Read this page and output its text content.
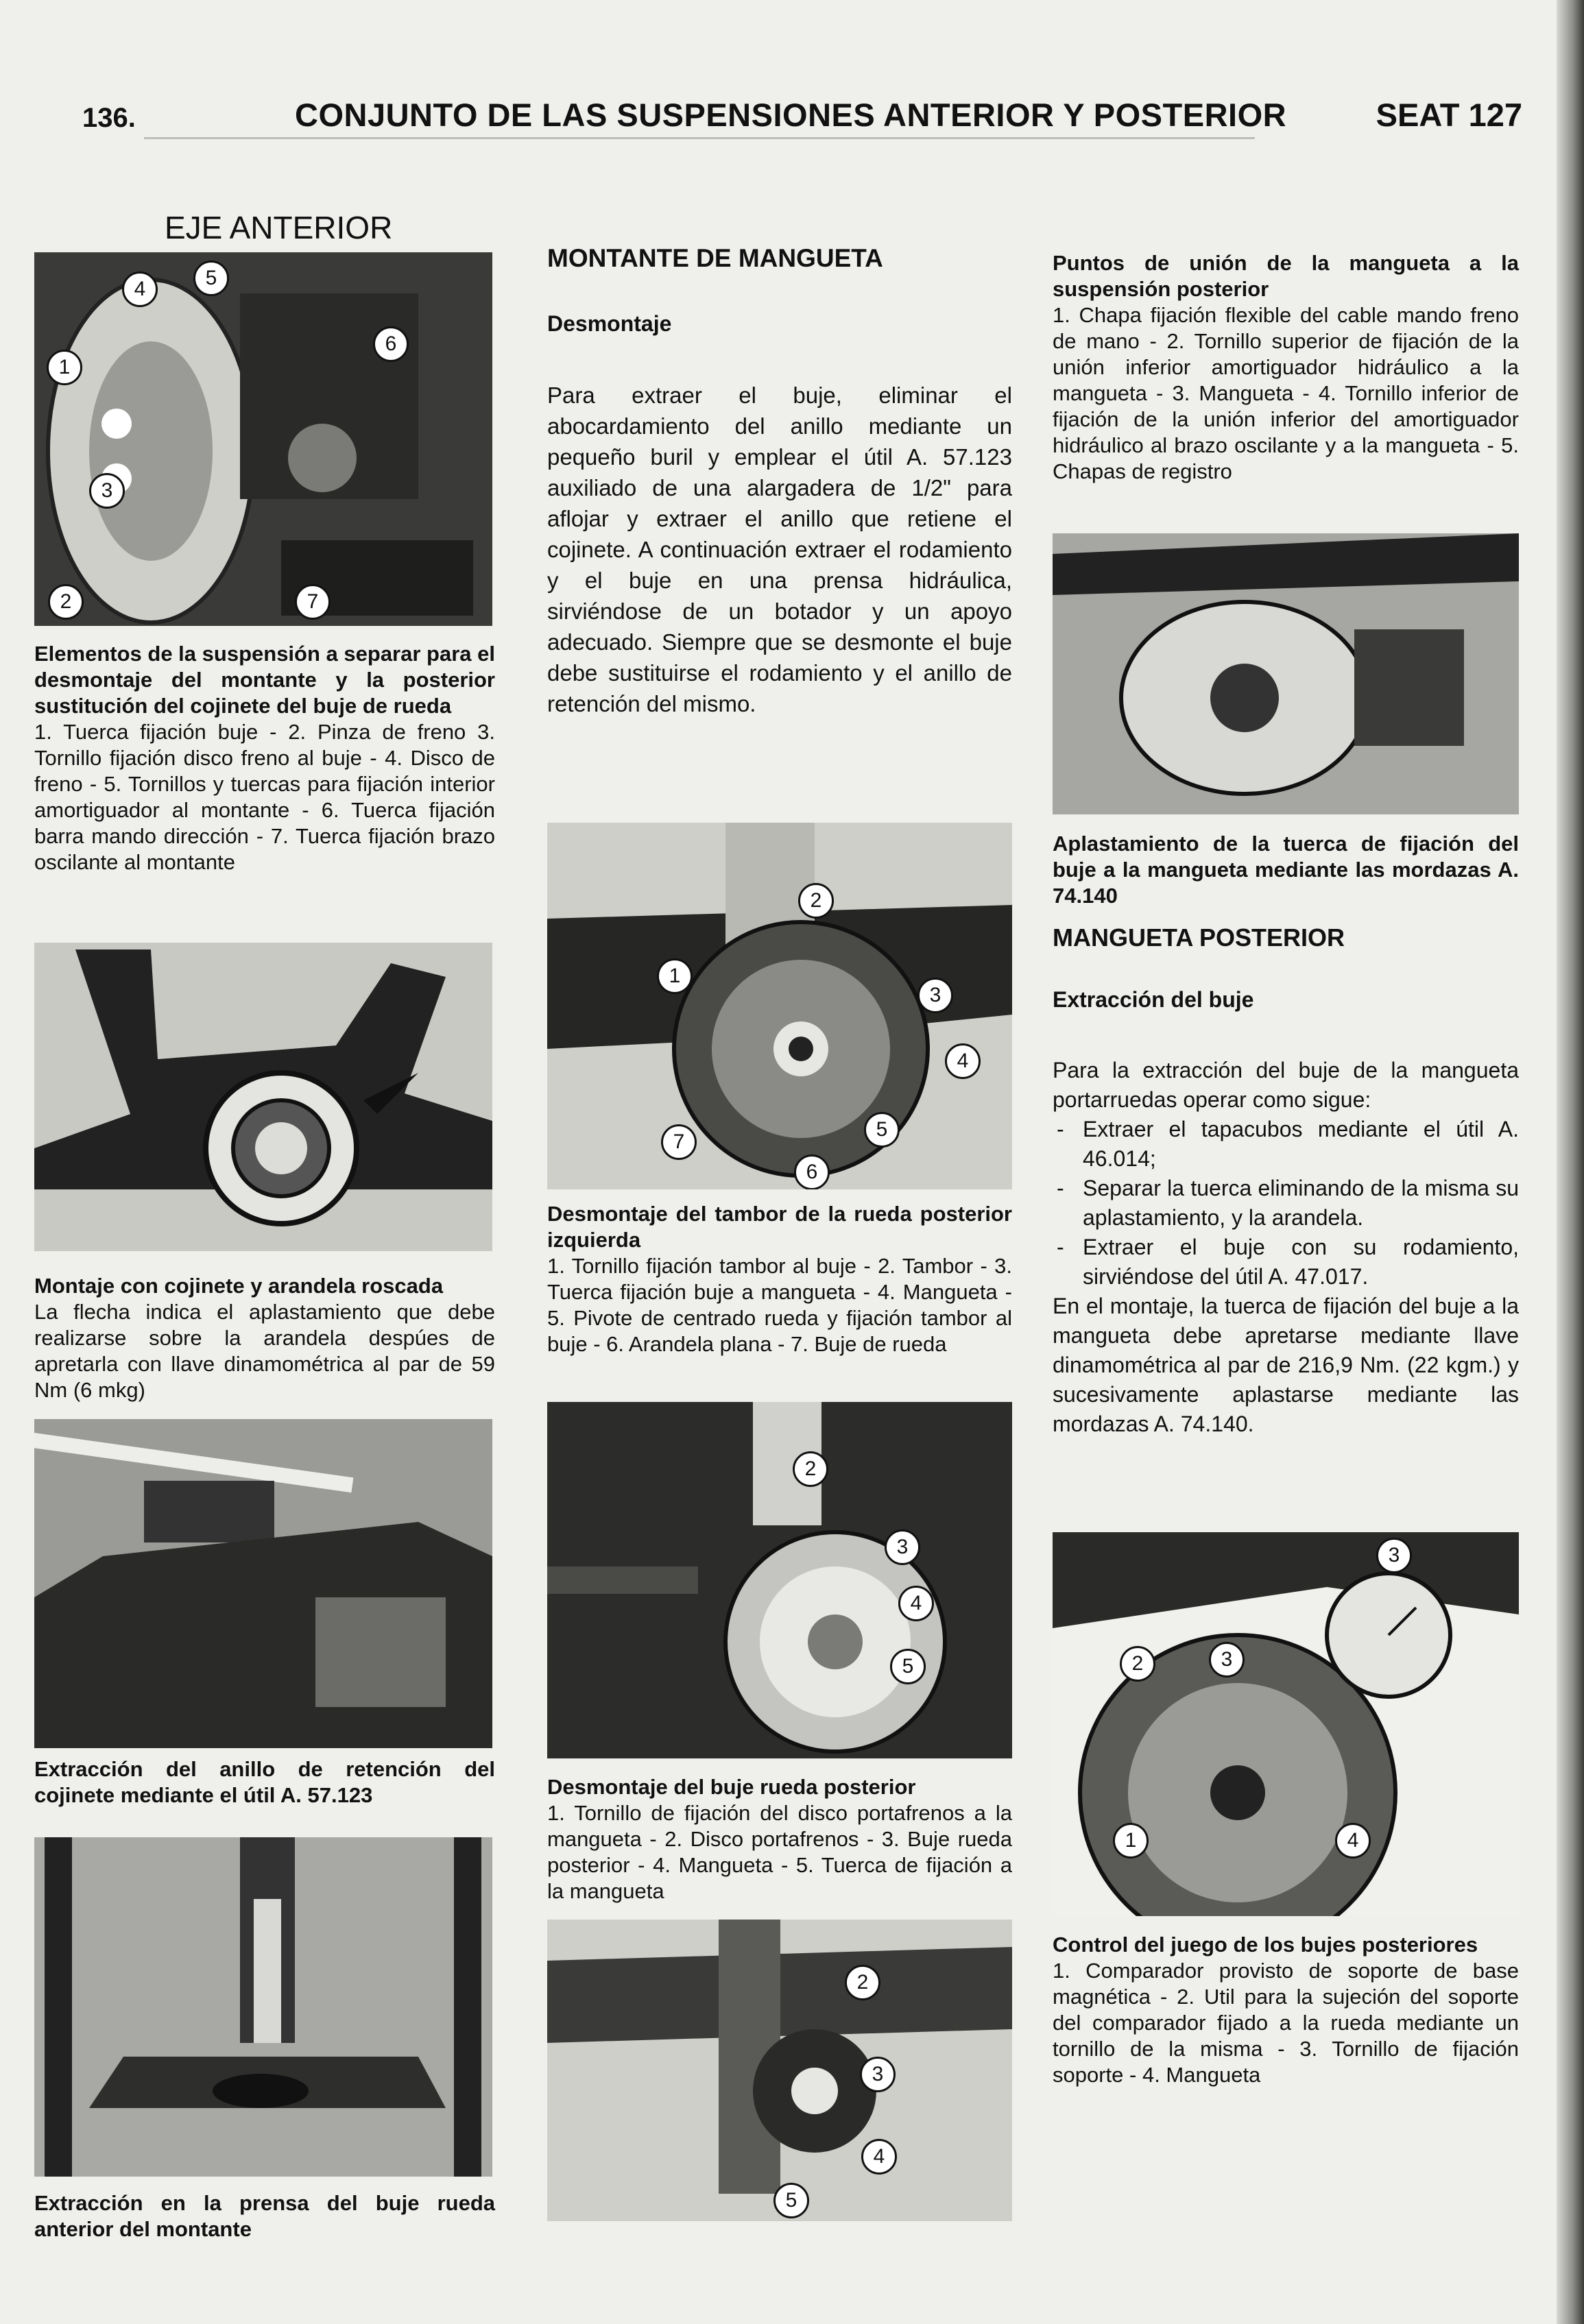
136.	CONJUNTO DE LAS SUSPENSIONES ANTERIOR Y POSTERIOR	SEAT 127
EJE ANTERIOR
4	5
6
1
3
2	7
Elementos de la suspensión a separar para el desmontaje del montante y la posterior sustitución del cojinete del buje de rueda
1. Tuerca fijación buje - 2. Pinza de freno 3. Tornillo fijación disco freno al buje - 4. Disco de freno - 5. Tornillos y tuercas para fijación interior amortiguador al montante - 6. Tuerca fijación barra mando dirección - 7. Tuerca fijación brazo oscilante al montante
Montaje con cojinete y arandela roscada
La flecha indica el aplastamiento que debe realizarse sobre la arandela despúes de apretarla con llave dinamométrica al par de 59 Nm (6 mkg)
Extracción del anillo de retención del cojinete mediante el útil A. 57.123
Extracción en la prensa del buje rueda anterior del montante
MONTANTE DE MANGUETA
Desmontaje
Para extraer el buje, eliminar el abocardamiento del anillo mediante un pequeño buril y emplear el útil A. 57.123 auxiliado de una alargadera de 1/2" para aflojar y extraer el anillo que retiene el cojinete. A continuación extraer el rodamiento y el buje en una prensa hidráulica, sirviéndose de un botador y un apoyo adecuado. Siempre que se desmonte el buje debe sustituirse el rodamiento y el anillo de retención del mismo.
2
1
3
4
5
6
7
Desmontaje del tambor de la rueda posterior izquierda
1. Tornillo fijación tambor al buje - 2. Tambor - 3. Tuerca fijación buje a mangueta - 4. Mangueta - 5. Pivote de centrado rueda y fijación tambor al buje - 6. Arandela plana - 7. Buje de rueda
2
3
4
5
Desmontaje del buje rueda posterior
1. Tornillo de fijación del disco portafrenos a la mangueta - 2. Disco portafrenos - 3. Buje rueda posterior - 4. Mangueta - 5. Tuerca de fijación a la mangueta
2
3
4
5
Puntos de unión de la mangueta a la suspensión posterior
1. Chapa fijación flexible del cable mando freno de mano - 2. Tornillo superior de fijación de la unión inferior amortiguador hidráulico a la mangueta - 3. Mangueta - 4. Tornillo inferior de fijación de la unión inferior del amortiguador hidráulico al brazo oscilante y a la mangueta - 5. Chapas de registro
Aplastamiento de la tuerca de fijación del buje a la mangueta mediante las mordazas A. 74.140
MANGUETA POSTERIOR
Extracción del buje

Para la extracción del buje de la mangueta portarruedas operar como sigue:

- Extraer el tapacubos mediante el útil A. 46.014;
- Separar la tuerca eliminando de la misma su aplastamiento, y la arandela.
- Extraer el buje con su rodamiento, sirviéndose del útil A. 47.017.

En el montaje, la tuerca de fijación del buje a la mangueta debe apretarse mediante llave dinamométrica al par de 216,9 Nm. (22 kgm.) y sucesivamente aplastarse mediante las mordazas A. 74.140.

3
2	3
1	4
Control del juego de los bujes posteriores
1. Comparador provisto de soporte de base magnética - 2. Util para la sujeción del soporte del comparador fijado a la rueda mediante un tornillo de la misma - 3. Tornillo de fijación soporte - 4. Mangueta
